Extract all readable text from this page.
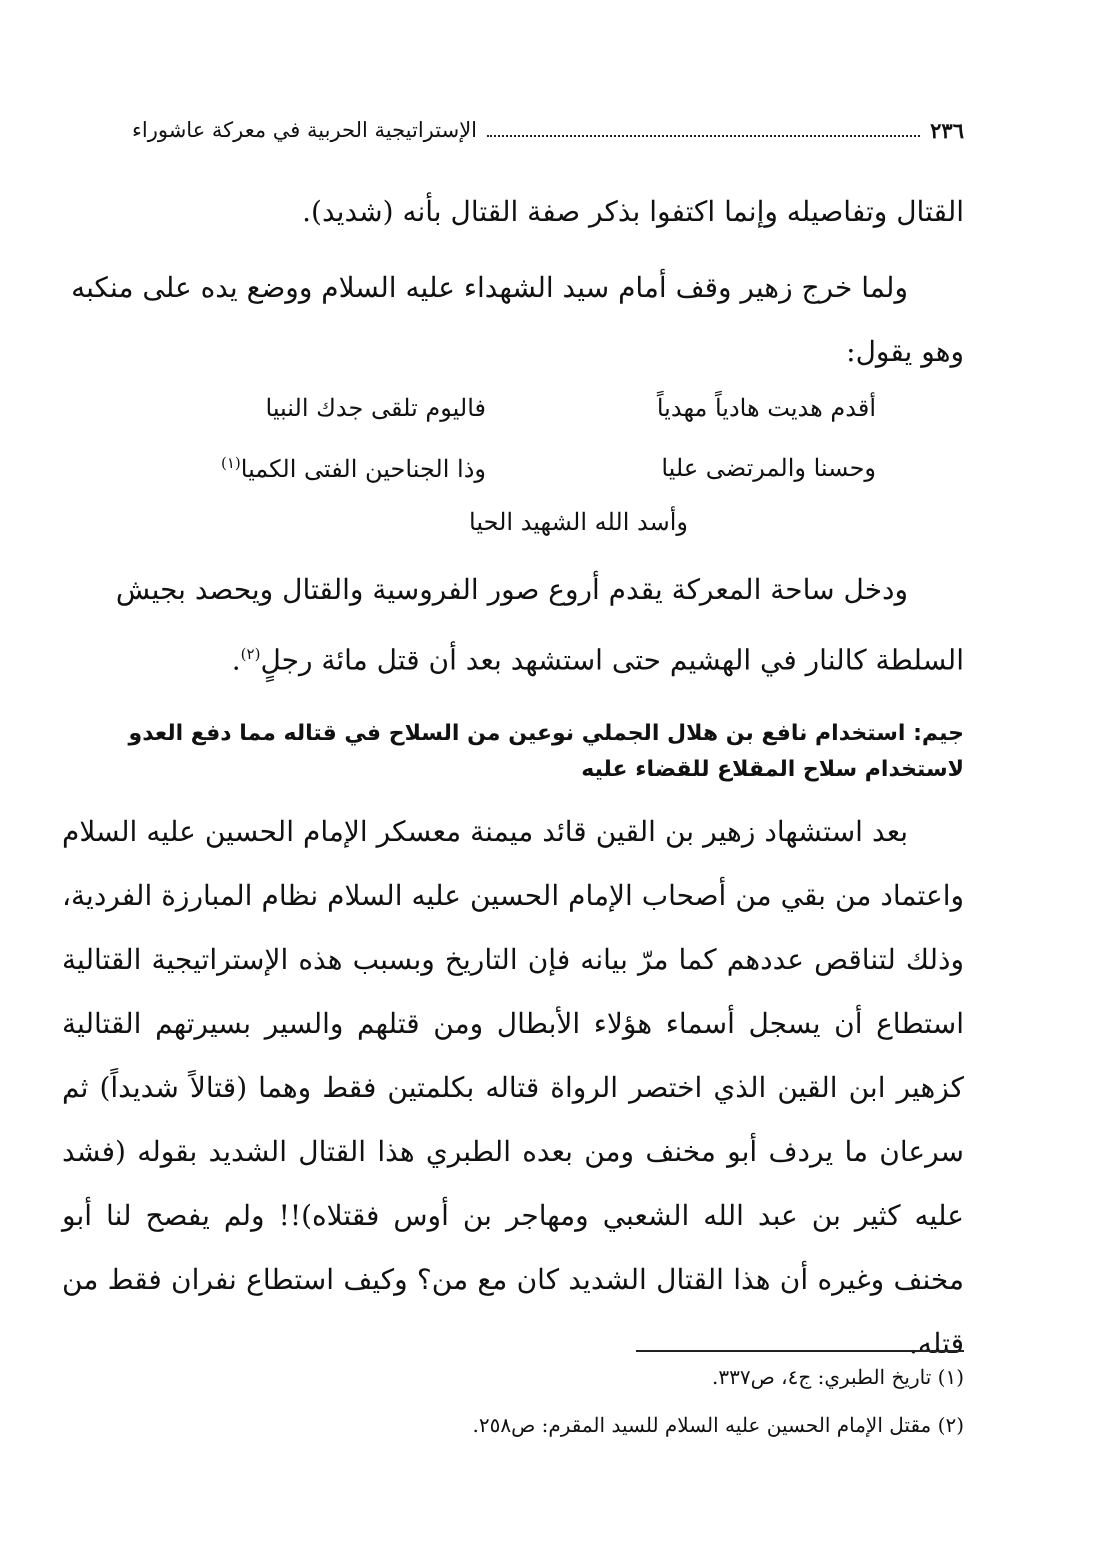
٢٣٦
الإستراتيجية الحربية في معركة عاشوراء

القتال وتفاصيله وإنما اكتفوا بذكر صفة القتال بأنه (شديد).

ولما خرج زهير وقف أمام سيد الشهداء عليه السلام ووضع يده على منكبه

وهو يقول:

أقدم هديت هادياً مهدياً
فاليوم تلقى جدك النبيا
وحسنا والمرتضى عليا
وذا الجناحين الفتى الكميا$^{(١)}$
وأسد الله الشهيد الحيا

ودخل ساحة المعركة يقدم أروع صور الفروسية والقتال ويحصد بجيش

السلطة كالنار في الهشيم حتى استشهد بعد أن قتل مائة رجلٍ$^{(٢)}$.

جيم: استخدام نافع بن هلال الجملي نوعين من السلاح في قتاله مما دفع العدو لاستخدام سلاح المقلاع للقضاء عليه

بعد استشهاد زهير بن القين قائد ميمنة معسكر الإمام الحسين عليه السلام واعتماد من بقي من أصحاب الإمام الحسين عليه السلام نظام المبارزة الفردية، وذلك لتناقص عددهم كما مرّ بيانه فإن التاريخ وبسبب هذه الإستراتيجية القتالية استطاع أن يسجل أسماء هؤلاء الأبطال ومن قتلهم والسير بسيرتهم القتالية كزهير ابن القين الذي اختصر الرواة قتاله بكلمتين فقط وهما (قتالاً شديداً) ثم سرعان ما يردف أبو مخنف ومن بعده الطبري هذا القتال الشديد بقوله (فشد عليه كثير بن عبد الله الشعبي ومهاجر بن أوس فقتلاه)!! ولم يفصح لنا أبو مخنف وغيره أن هذا القتال الشديد كان مع من؟ وكيف استطاع نفران فقط من قتله.

(١) تاريخ الطبري: ج٤، ص٣٣٧.

(٢) مقتل الإمام الحسين عليه السلام للسيد المقرم: ص٢٥٨.
